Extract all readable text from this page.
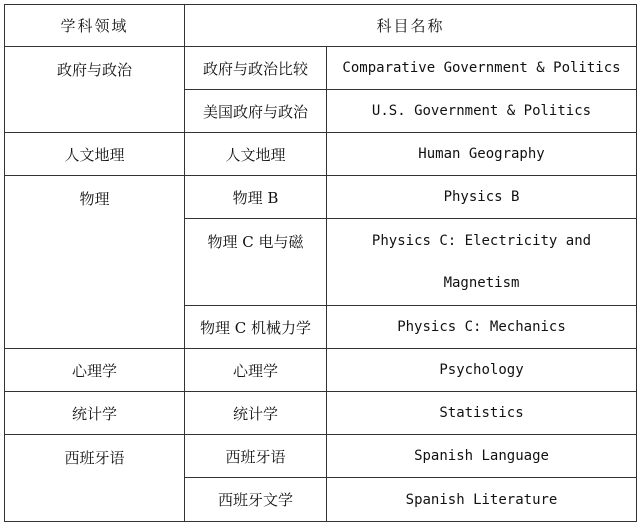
学科领域	科目名称	
政府与政治	政府与政治比较	Comparative Government & Politics
	美国政府与政治	U.S. Government & Politics
人文地理	人文地理	Human Geography
物理	物理 B	Physics B
	物理 C 电与磁	Physics C: Electricity and Magnetism
	物理 C 机械力学	Physics C: Mechanics
心理学	心理学	Psychology
统计学	统计学	Statistics
西班牙语	西班牙语	Spanish Language
	西班牙文学	Spanish Literature
